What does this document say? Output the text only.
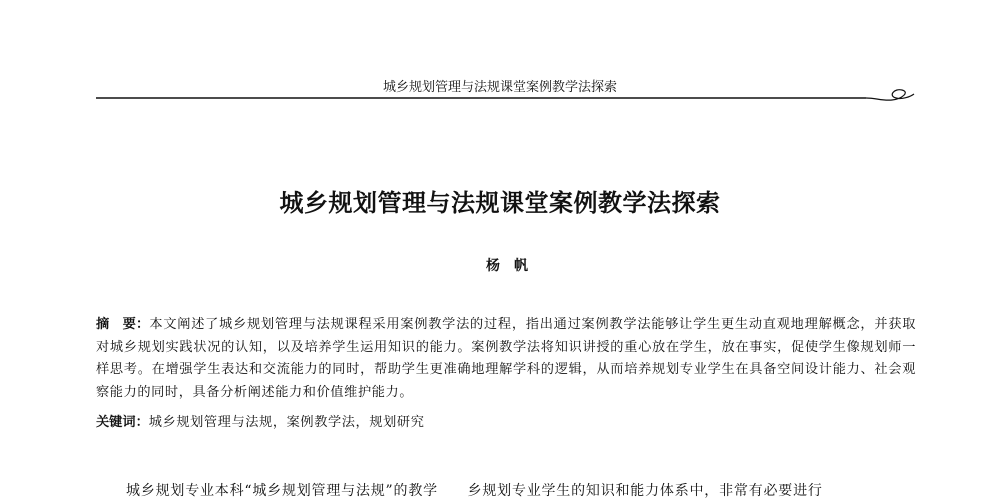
城乡规划管理与法规课堂案例教学法探索
城乡规划管理与法规课堂案例教学法探索
杨帆
摘　要：本文阐述了城乡规划管理与法规课程采用案例教学法的过程，指出通过案例教学法能够让学生更生动直观地理解概念，并获取对城乡规划实践状况的认知，以及培养学生运用知识的能力。案例教学法将知识讲授的重心放在学生，放在事实，促使学生像规划师一样思考。在增强学生表达和交流能力的同时，帮助学生更准确地理解学科的逻辑，从而培养规划专业学生在具备空间设计能力、社会观察能力的同时，具备分析阐述能力和价值维护能力。
关键词：城乡规划管理与法规，案例教学法，规划研究
城乡规划专业本科“城乡规划管理与法规”的教学　　乡规划专业学生的知识和能力体系中，非常有必要进行
